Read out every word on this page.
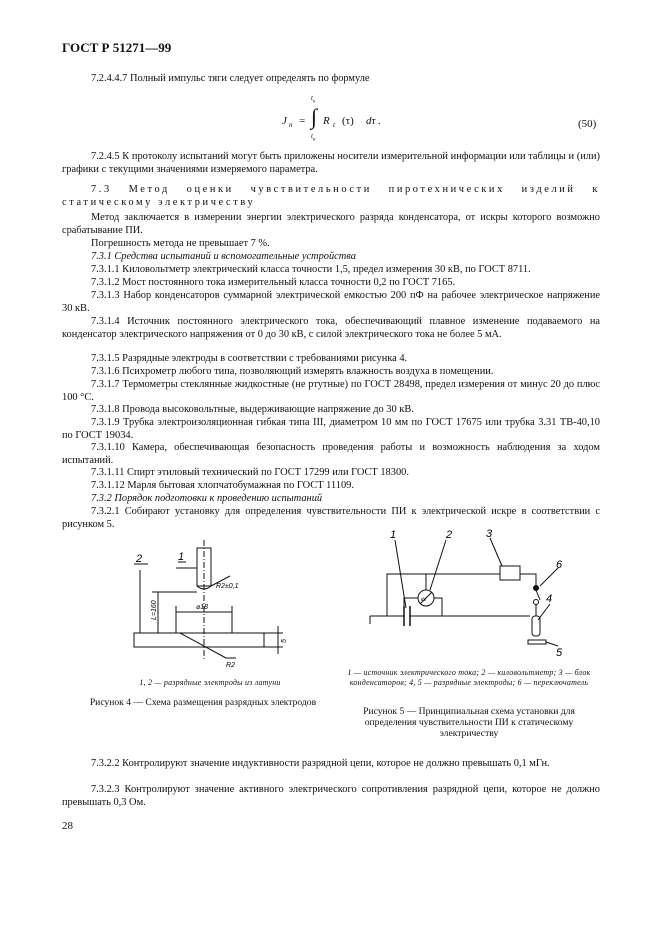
ГОСТ Р 51271—99

7.2.4.4.7 Полный импульс тяги следует определять по формуле

J п = ∫
$t_к$
$t_н$
R t (τ) dτ .	(50)

7.2.4.5 К протоколу испытаний могут быть приложены носители измерительной информации или таблицы и (или) графики с текущими значениями измеряемого параметра.

7.3 Метод оценки чувствительности пиротехнических изделий к статическому электричеству

Метод заключается в измерении энергии электрического разряда конденсатора, от искры которого возможно срабатывание ПИ.

Погрешность метода не превышает 7 %.

7.3.1 Средства испытаний и вспомогательные устройства

7.3.1.1 Киловольтметр электрический класса точности 1,5, предел измерения 30 кВ, по ГОСТ 8711.

7.3.1.2 Мост постоянного тока измерительный класса точности 0,2 по ГОСТ 7165.

7.3.1.3 Набор конденсаторов суммарной электрической емкостью 200 пФ на рабочее электрическое напряжение 30 кВ.

7.3.1.4 Источник постоянного электрического тока, обеспечивающий плавное изменение подаваемого на конденсатор электрического напряжения от 0 до 30 кВ, с силой электрического тока не более 5 мА.

7.3.1.5 Разрядные электроды в соответствии с требованиями рисунка 4.

7.3.1.6 Психрометр любого типа, позволяющий измерять влажность воздуха в помещении.

7.3.1.7 Термометры стеклянные жидкостные (не ртутные) по ГОСТ 28498, предел измерения от минус 20 до плюс 100 °С.

7.3.1.8 Провода высоковольтные, выдерживающие напряжение до 30 кВ.

7.3.1.9 Трубка электроизоляционная гибкая типа III, диаметром 10 мм по ГОСТ 17675 или трубка 3.31 ТВ-40,10 по ГОСТ 19034.

7.3.1.10 Камера, обеспечивающая безопасность проведения работы и возможность наблюдения за ходом испытаний.

7.3.1.11 Спирт этиловый технический по ГОСТ 17299 или ГОСТ 18300.

7.3.1.12 Марля бытовая хлопчатобумажная по ГОСТ 11109.

7.3.2 Порядок подготовки к проведению испытаний

7.3.2.1 Собирают установку для определения чувствительности ПИ к электрической искре в соответствии с рисунком 5.

1
2
R2±0,1
⌀18
L=160
5
R2
1, 2 — разрядные электроды из латуни
Рисунок 4 — Схема размещения разрядных электродов
1	2	3
4
5
6
кV
1 — источник электрического тока; 2 — киловольтметр; 3 — блок конденсаторов; 4, 5 — разрядные электроды; 6 — переключатель
Рисунок 5 — Принципиальная схема установки для определения чувствительности ПИ к статическому электричеству

7.3.2.2 Контролируют значение индуктивности разрядной цепи, которое не должно превышать 0,1 мГн.

7.3.2.3 Контролируют значение активного электрического сопротивления разрядной цепи, которое не должно превышать 0,3 Ом.

28
